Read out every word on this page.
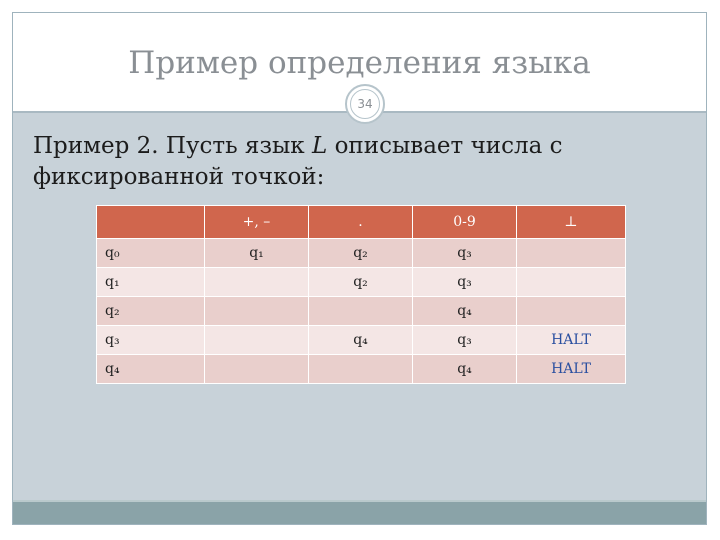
Пример определения языка
34
Пример 2. Пусть язык L описывает числа с фиксированной точкой:
	+, –	.	0-9	⊥
q₀	q₁	q₂	q₃	
q₁		q₂	q₃	
q₂			q₄	
q₃		q₄	q₃	HALT
q₄			q₄	HALT
